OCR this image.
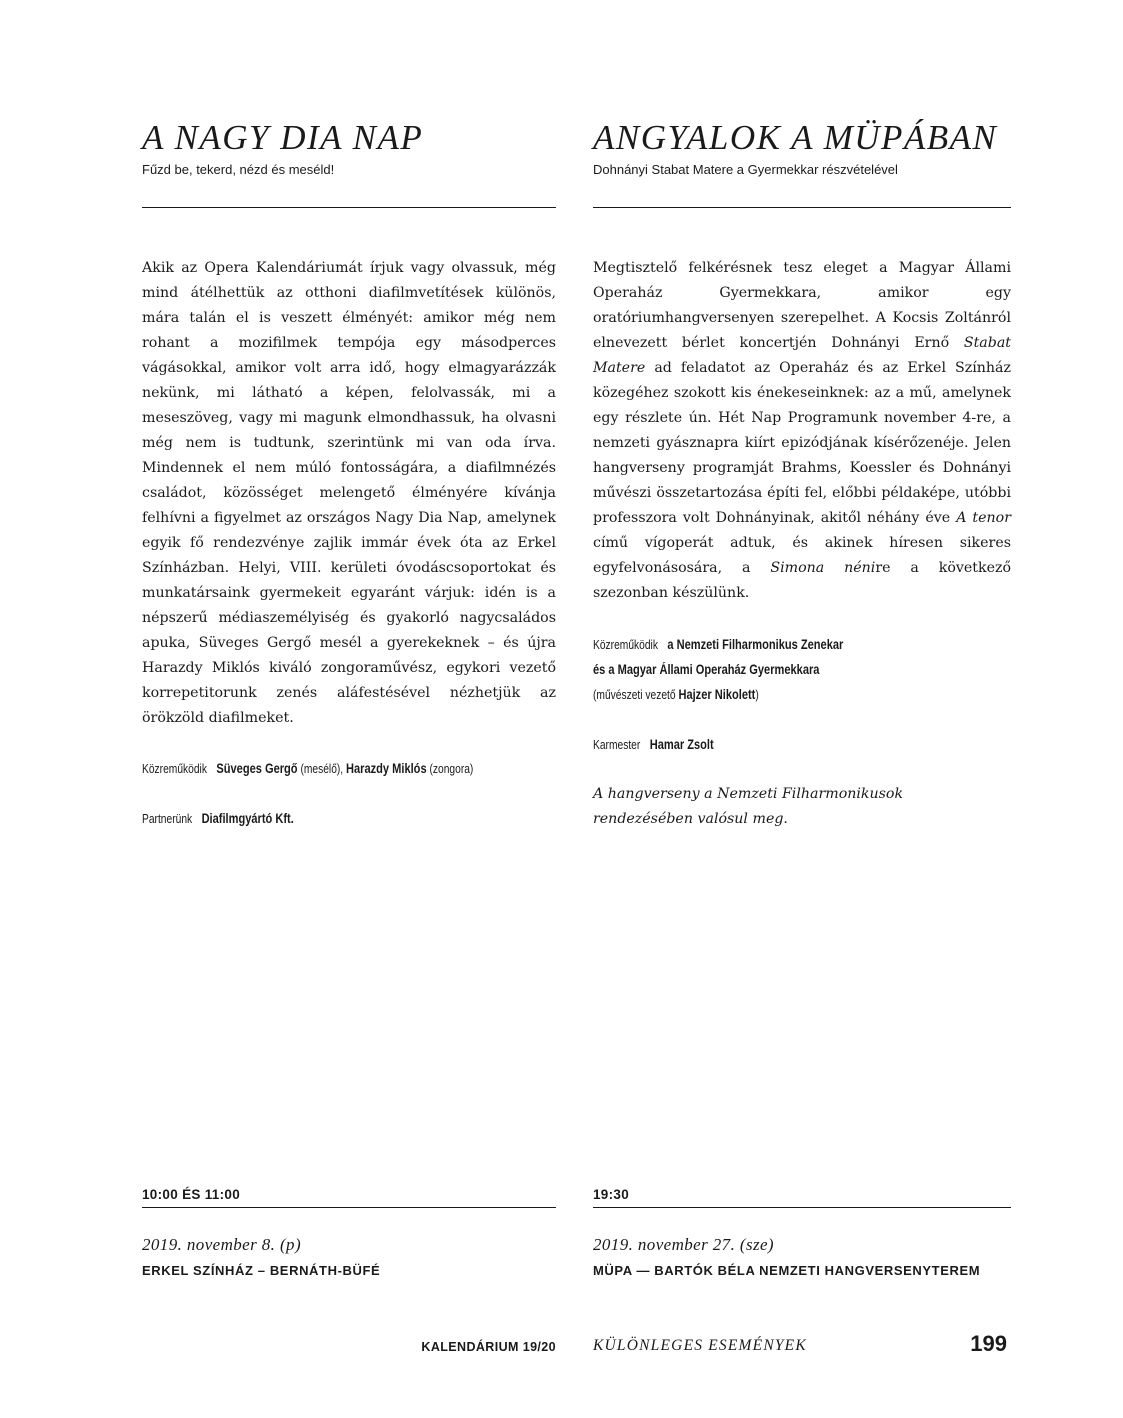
A NAGY DIA NAP
Fűzd be, tekerd, nézd és meséld!
Akik az Opera Kalendáriumát írjuk vagy olvassuk, még mind átélhettük az otthoni diafilmvetítések különös, mára talán el is veszett élményét: amikor még nem rohant a mozifilmek tempója egy másodperces vágásokkal, amikor volt arra idő, hogy elmagyarázzák nekünk, mi látható a képen, felolvassák, mi a meseszöveg, vagy mi magunk elmondhassuk, ha olvasni még nem is tudtunk, szerintünk mi van oda írva. Mindennek el nem múló fontosságára, a diafilmnézés családot, közösséget melengető élményére kívánja felhívni a figyelmet az országos Nagy Dia Nap, amelynek egyik fő rendezvénye zajlik immár évek óta az Erkel Színházban. Helyi, VIII. kerületi óvodáscsoportokat és munkatársaink gyermekeit egyaránt várjuk: idén is a népszerű médiaszemélyiség és gyakorló nagycsaládos apuka, Süveges Gergő mesél a gyerekeknek – és újra Harazdy Miklós kiváló zongoraművész, egykori vezető korrepetitorunk zenés aláfestésével nézhetjük az örökzöld diafilmeket.
Közreműködik Süveges Gergő (mesélő), Harazdy Miklós (zongora)
Partnerünk Diafilmgyártó Kft.
10:00 ÉS 11:00
2019. november 8. (p)
ERKEL SZÍNHÁZ – BERNÁTH-BÜFÉ
ANGYALOK A MÜPÁBAN
Dohnányi Stabat Matere a Gyermekkar részvételével
Megtisztelő felkérésnek tesz eleget a Magyar Állami Operaház Gyermekkara, amikor egy oratóriumhangversenyen szerepelhet. A Kocsis Zoltánról elnevezett bérlet koncertjén Dohnányi Ernő Stabat Matere ad feladatot az Operaház és az Erkel Színház közegéhez szokott kis énekeseinknek: az a mű, amelynek egy részlete ún. Hét Nap Programunk november 4-re, a nemzeti gyásznapra kiírt epizódjának kísérőzenéje. Jelen hangverseny programját Brahms, Koessler és Dohnányi művészi összetartozása építi fel, előbbi példaképe, utóbbi professzora volt Dohnányinak, akitől néhány éve A tenor című vígoperát adtuk, és akinek híresen sikeres egyfelvonásosára, a Simona nénire a következő szezonban készülünk.
Közreműködik a Nemzeti Filharmonikus Zenekar
és a Magyar Állami Operaház Gyermekkara
(művészeti vezető Hajzer Nikolett)
Karmester Hamar Zsolt
A hangverseny a Nemzeti Filharmonikusok rendezésében valósul meg.
19:30
2019. november 27. (sze)
MÜPA — BARTÓK BÉLA NEMZETI HANGVERSENYTEREM
KALENDÁRIUM 19/20 KÜLÖNLEGES ESEMÉNYEK	199
